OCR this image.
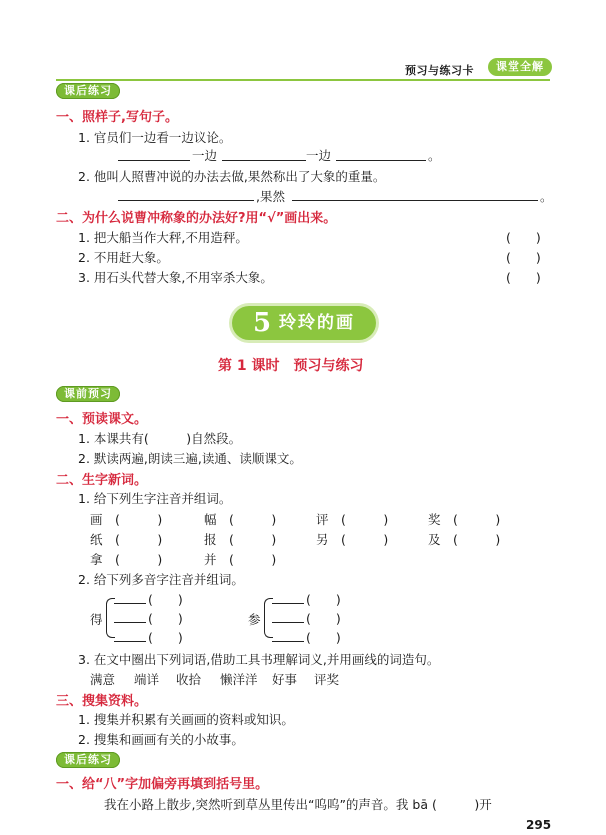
预习与练习卡	课堂全解
课后练习
一、照样子,写句子。
1. 官员们一边看一边议论。
一边	一边	。
2. 他叫人照曹冲说的办法去做,果然称出了大象的重量。
,果然	。
二、为什么说曹冲称象的办法好?用“√”画出来。
1. 把大船当作大秤,不用造秤。	(　　)
2. 不用赶大象。	(　　)
3. 用石头代替大象,不用宰杀大象。	(　　)
5 玲玲的画
第 1 课时　预习与练习
课前预习
一、预读课文。
1. 本课共有(　　　)自然段。
2. 默读两遍,朗读三遍,读通、读顺课文。
二、生字新词。
1. 给下列生字注音并组词。
画　(　　　)	幅　(　　　)	评　(　　　)	奖　(　　　)
纸　(　　　)	报　(　　　)	另　(　　　)	及　(　　　)
拿　(　　　)	并　(　　　)
2. 给下列多音字注音并组词。
得
(　　)
(　　)
(　　)
参
(　　)
(　　)
(　　)
3. 在文中圈出下列词语,借助工具书理解词义,并用画线的词造句。
满意 端详 收拾 懒洋洋 好事 评奖
三、搜集资料。
1. 搜集并积累有关画画的资料或知识。
2. 搜集和画画有关的小故事。
课后练习
一、给“八”字加偏旁再填到括号里。
我在小路上散步,突然听到草丛里传出“呜呜”的声音。我 bā (　　　)开
295
